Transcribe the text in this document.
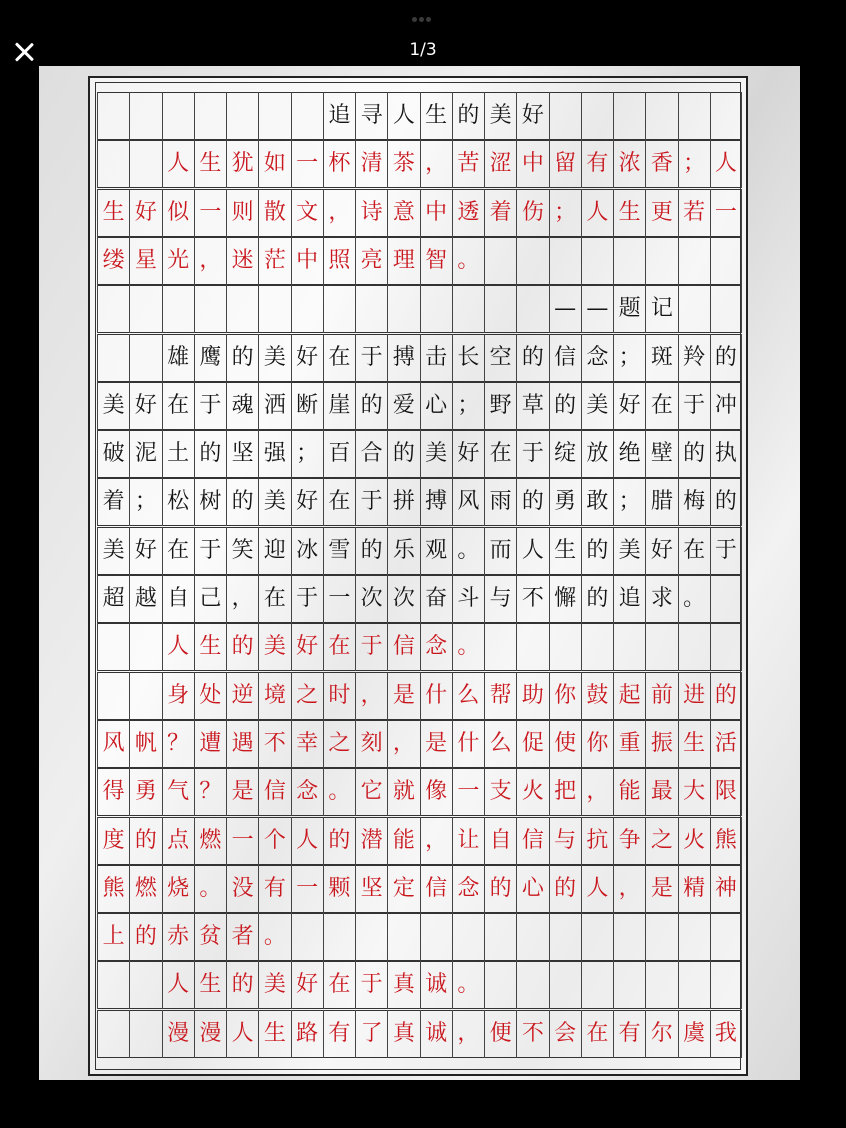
1/3
追 寻 人 生 的 美 好
人 生 犹 如 一 杯 清 茶 ， 苦 涩 中 留 有 浓 香 ； 人
生 好 似 一 则 散 文 ， 诗 意 中 透 着 伤 ； 人 生 更 若 一
缕 星 光 ， 迷 茫 中 照 亮 理 智 。
— — 题 记
雄 鹰 的 美 好 在 于 搏 击 长 空 的 信 念 ； 斑 羚 的
美 好 在 于 魂 洒 断 崖 的 爱 心 ； 野 草 的 美 好 在 于 冲
破 泥 土 的 坚 强 ； 百 合 的 美 好 在 于 绽 放 绝 壁 的 执
着 ； 松 树 的 美 好 在 于 拼 搏 风 雨 的 勇 敢 ； 腊 梅 的
美 好 在 于 笑 迎 冰 雪 的 乐 观 。 而 人 生 的 美 好 在 于
超 越 自 己 ， 在 于 一 次 次 奋 斗 与 不 懈 的 追 求 。
人 生 的 美 好 在 于 信 念 。
身 处 逆 境 之 时 ， 是 什 么 帮 助 你 鼓 起 前 进 的
风 帆 ？ 遭 遇 不 幸 之 刻 ， 是 什 么 促 使 你 重 振 生 活
得 勇 气 ？ 是 信 念 。 它 就 像 一 支 火 把 ， 能 最 大 限
度 的 点 燃 一 个 人 的 潜 能 ， 让 自 信 与 抗 争 之 火 熊
熊 燃 烧 。 没 有 一 颗 坚 定 信 念 的 心 的 人 ， 是 精 神
上 的 赤 贫 者 。
人 生 的 美 好 在 于 真 诚 。
漫 漫 人 生 路 有 了 真 诚 ， 便 不 会 在 有 尔 虞 我
